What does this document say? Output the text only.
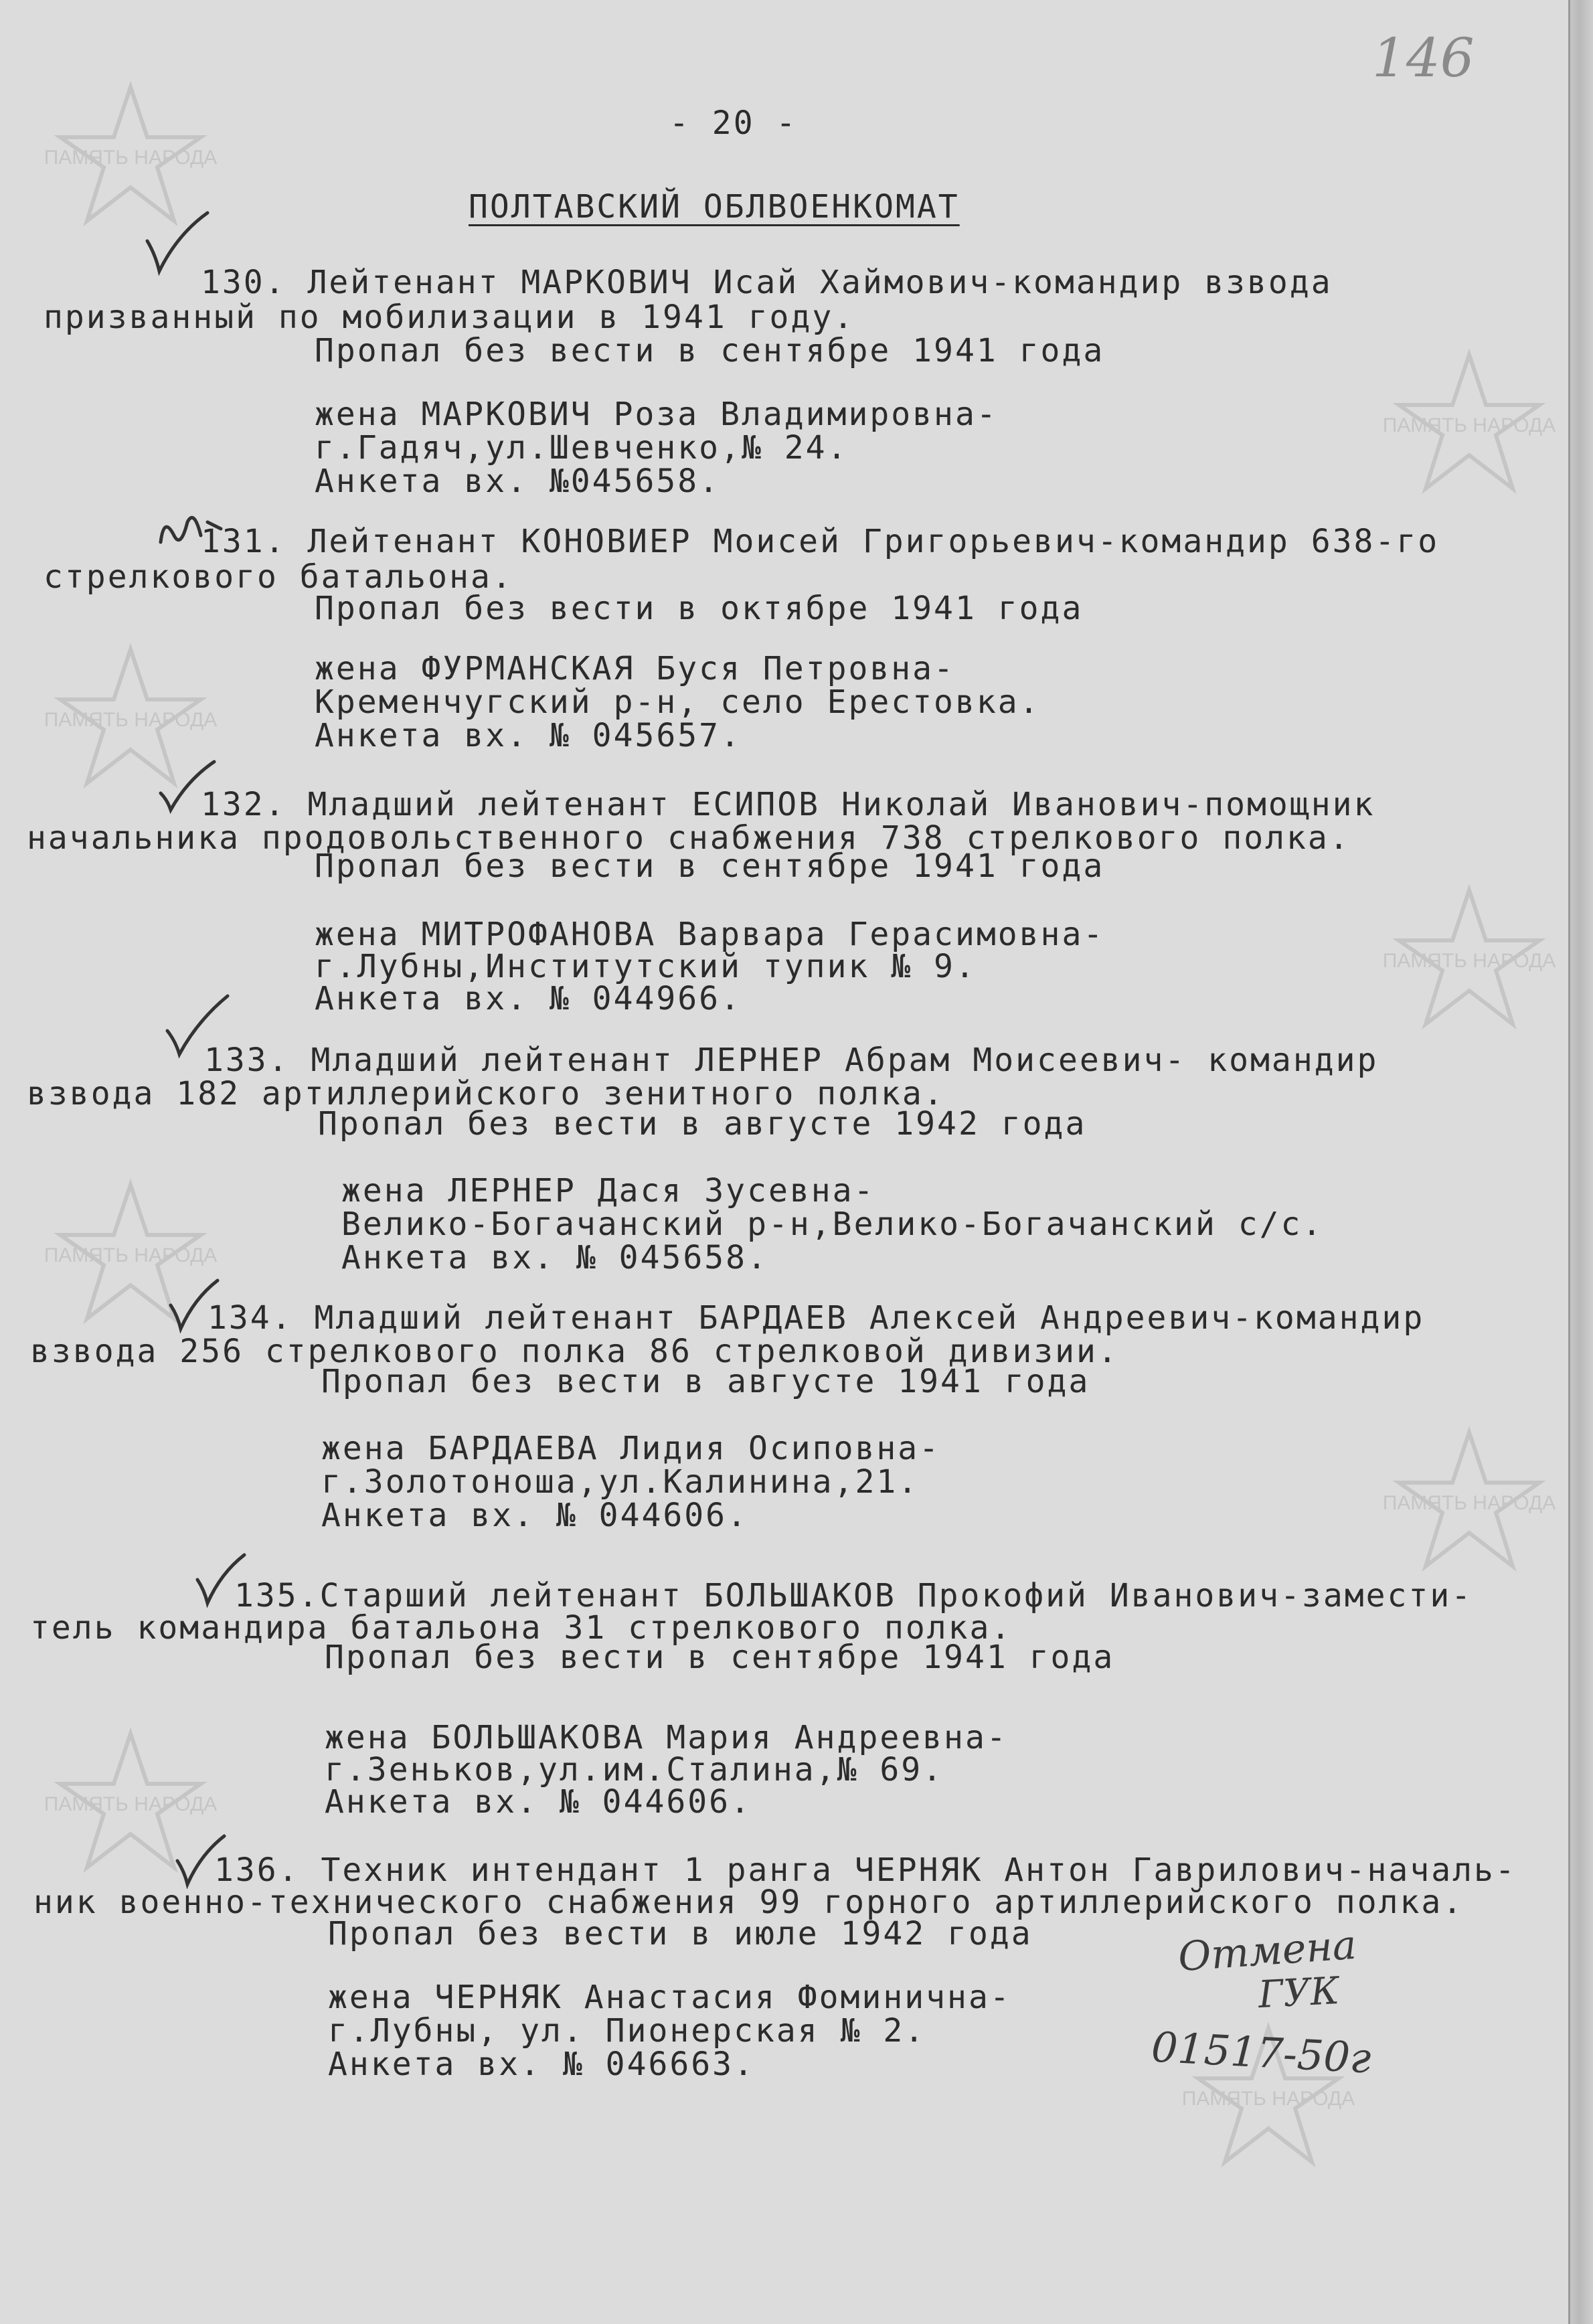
ПАМЯТЬ НАРОДА
ПАМЯТЬ НАРОДА
ПАМЯТЬ НАРОДА
ПАМЯТЬ НАРОДА
ПАМЯТЬ НАРОДА
ПАМЯТЬ НАРОДА
ПАМЯТЬ НАРОДА
ПАМЯТЬ НАРОДА
146
- 20 -
ПОЛТАВСКИЙ ОБЛВОЕНКОМАТ
130. Лейтенант МАРКОВИЧ Исай Хаймович-командир взвода
призванный по мобилизации в 1941 году.
Пропал без вести в сентябре 1941 года
жена МАРКОВИЧ Роза Владимировна-
г.Гадяч,ул.Шевченко,№ 24.
Анкета вх. №045658.
131. Лейтенант КОНОВИЕР Моисей Григорьевич-командир 638-го
стрелкового батальона.
Пропал без вести в октябре 1941 года
жена ФУРМАНСКАЯ Буся Петровна-
Кременчугский р-н, село Ерестовка.
Анкета вх. № 045657.
132. Младший лейтенант ЕСИПОВ Николай Иванович-помощник
начальника продовольственного снабжения 738 стрелкового полка.
Пропал без вести в сентябре 1941 года
жена МИТРОФАНОВА Варвара Герасимовна-
г.Лубны,Институтский тупик № 9.
Анкета вх. № 044966.
133. Младший лейтенант ЛЕРНЕР Абрам Моисеевич- командир
взвода 182 артиллерийского зенитного полка.
Пропал без вести в августе 1942 года
жена ЛЕРНЕР Дася Зусевна-
Велико-Богачанский р-н,Велико-Богачанский с/с.
Анкета вх. № 045658.
134. Младший лейтенант БАРДАЕВ Алексей Андреевич-командир
взвода 256 стрелкового полка 86 стрелковой дивизии.
Пропал без вести в августе 1941 года
жена БАРДАЕВА Лидия Осиповна-
г.Золотоноша,ул.Калинина,21.
Анкета вх. № 044606.
135.Старший лейтенант БОЛЬШАКОВ Прокофий Иванович-замести-
тель командира батальона 31 стрелкового полка.
Пропал без вести в сентябре 1941 года
жена БОЛЬШАКОВА Мария Андреевна-
г.Зеньков,ул.им.Сталина,№ 69.
Анкета вх. № 044606.
136. Техник интендант 1 ранга ЧЕРНЯК Антон Гаврилович-началь-
ник военно-технического снабжения 99 горного артиллерийского полка.
Пропал без вести в июле 1942 года
жена ЧЕРНЯК Анастасия Фоминична-
г.Лубны, ул. Пионерская № 2.
Анкета вх. № 046663.
Отмена
ГУК
01517-50г
